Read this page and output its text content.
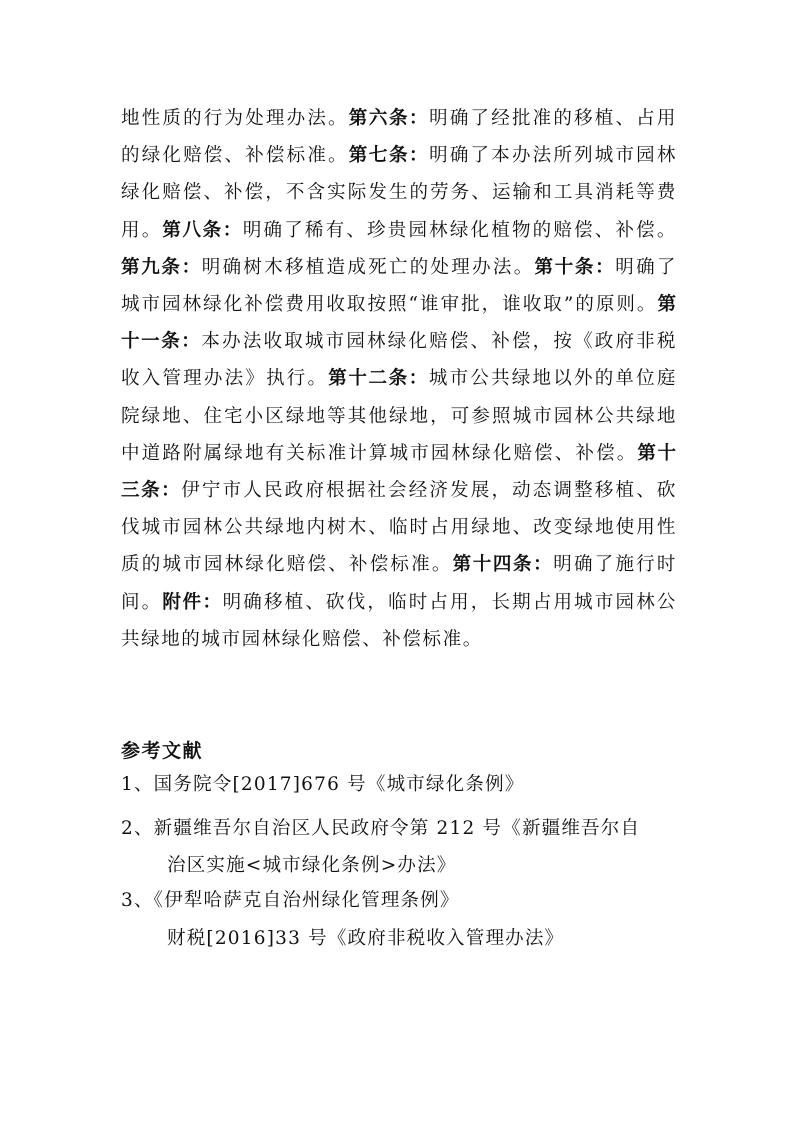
地性质的行为处理办法。第六条：明确了经批准的移植、占用的绿化赔偿、补偿标准。第七条：明确了本办法所列城市园林绿化赔偿、补偿，不含实际发生的劳务、运输和工具消耗等费用。第八条：明确了稀有、珍贵园林绿化植物的赔偿、补偿。第九条：明确树木移植造成死亡的处理办法。第十条：明确了城市园林绿化补偿费用收取按照“谁审批，谁收取”的原则。第十一条：本办法收取城市园林绿化赔偿、补偿，按《政府非税收入管理办法》执行。第十二条：城市公共绿地以外的单位庭院绿地、住宅小区绿地等其他绿地，可参照城市园林公共绿地中道路附属绿地有关标准计算城市园林绿化赔偿、补偿。第十三条：伊宁市人民政府根据社会经济发展，动态调整移植、砍伐城市园林公共绿地内树木、临时占用绿地、改变绿地使用性质的城市园林绿化赔偿、补偿标准。第十四条：明确了施行时间。附件：明确移植、砍伐，临时占用，长期占用城市园林公共绿地的城市园林绿化赔偿、补偿标准。

参考文献

1、国务院令[2017]676 号《城市绿化条例》

2、新疆维吾尔自治区人民政府令第 212 号《新疆维吾尔自

治区实施<城市绿化条例>办法》

3、《伊犁哈萨克自治州绿化管理条例》

财税[2016]33 号《政府非税收入管理办法》
